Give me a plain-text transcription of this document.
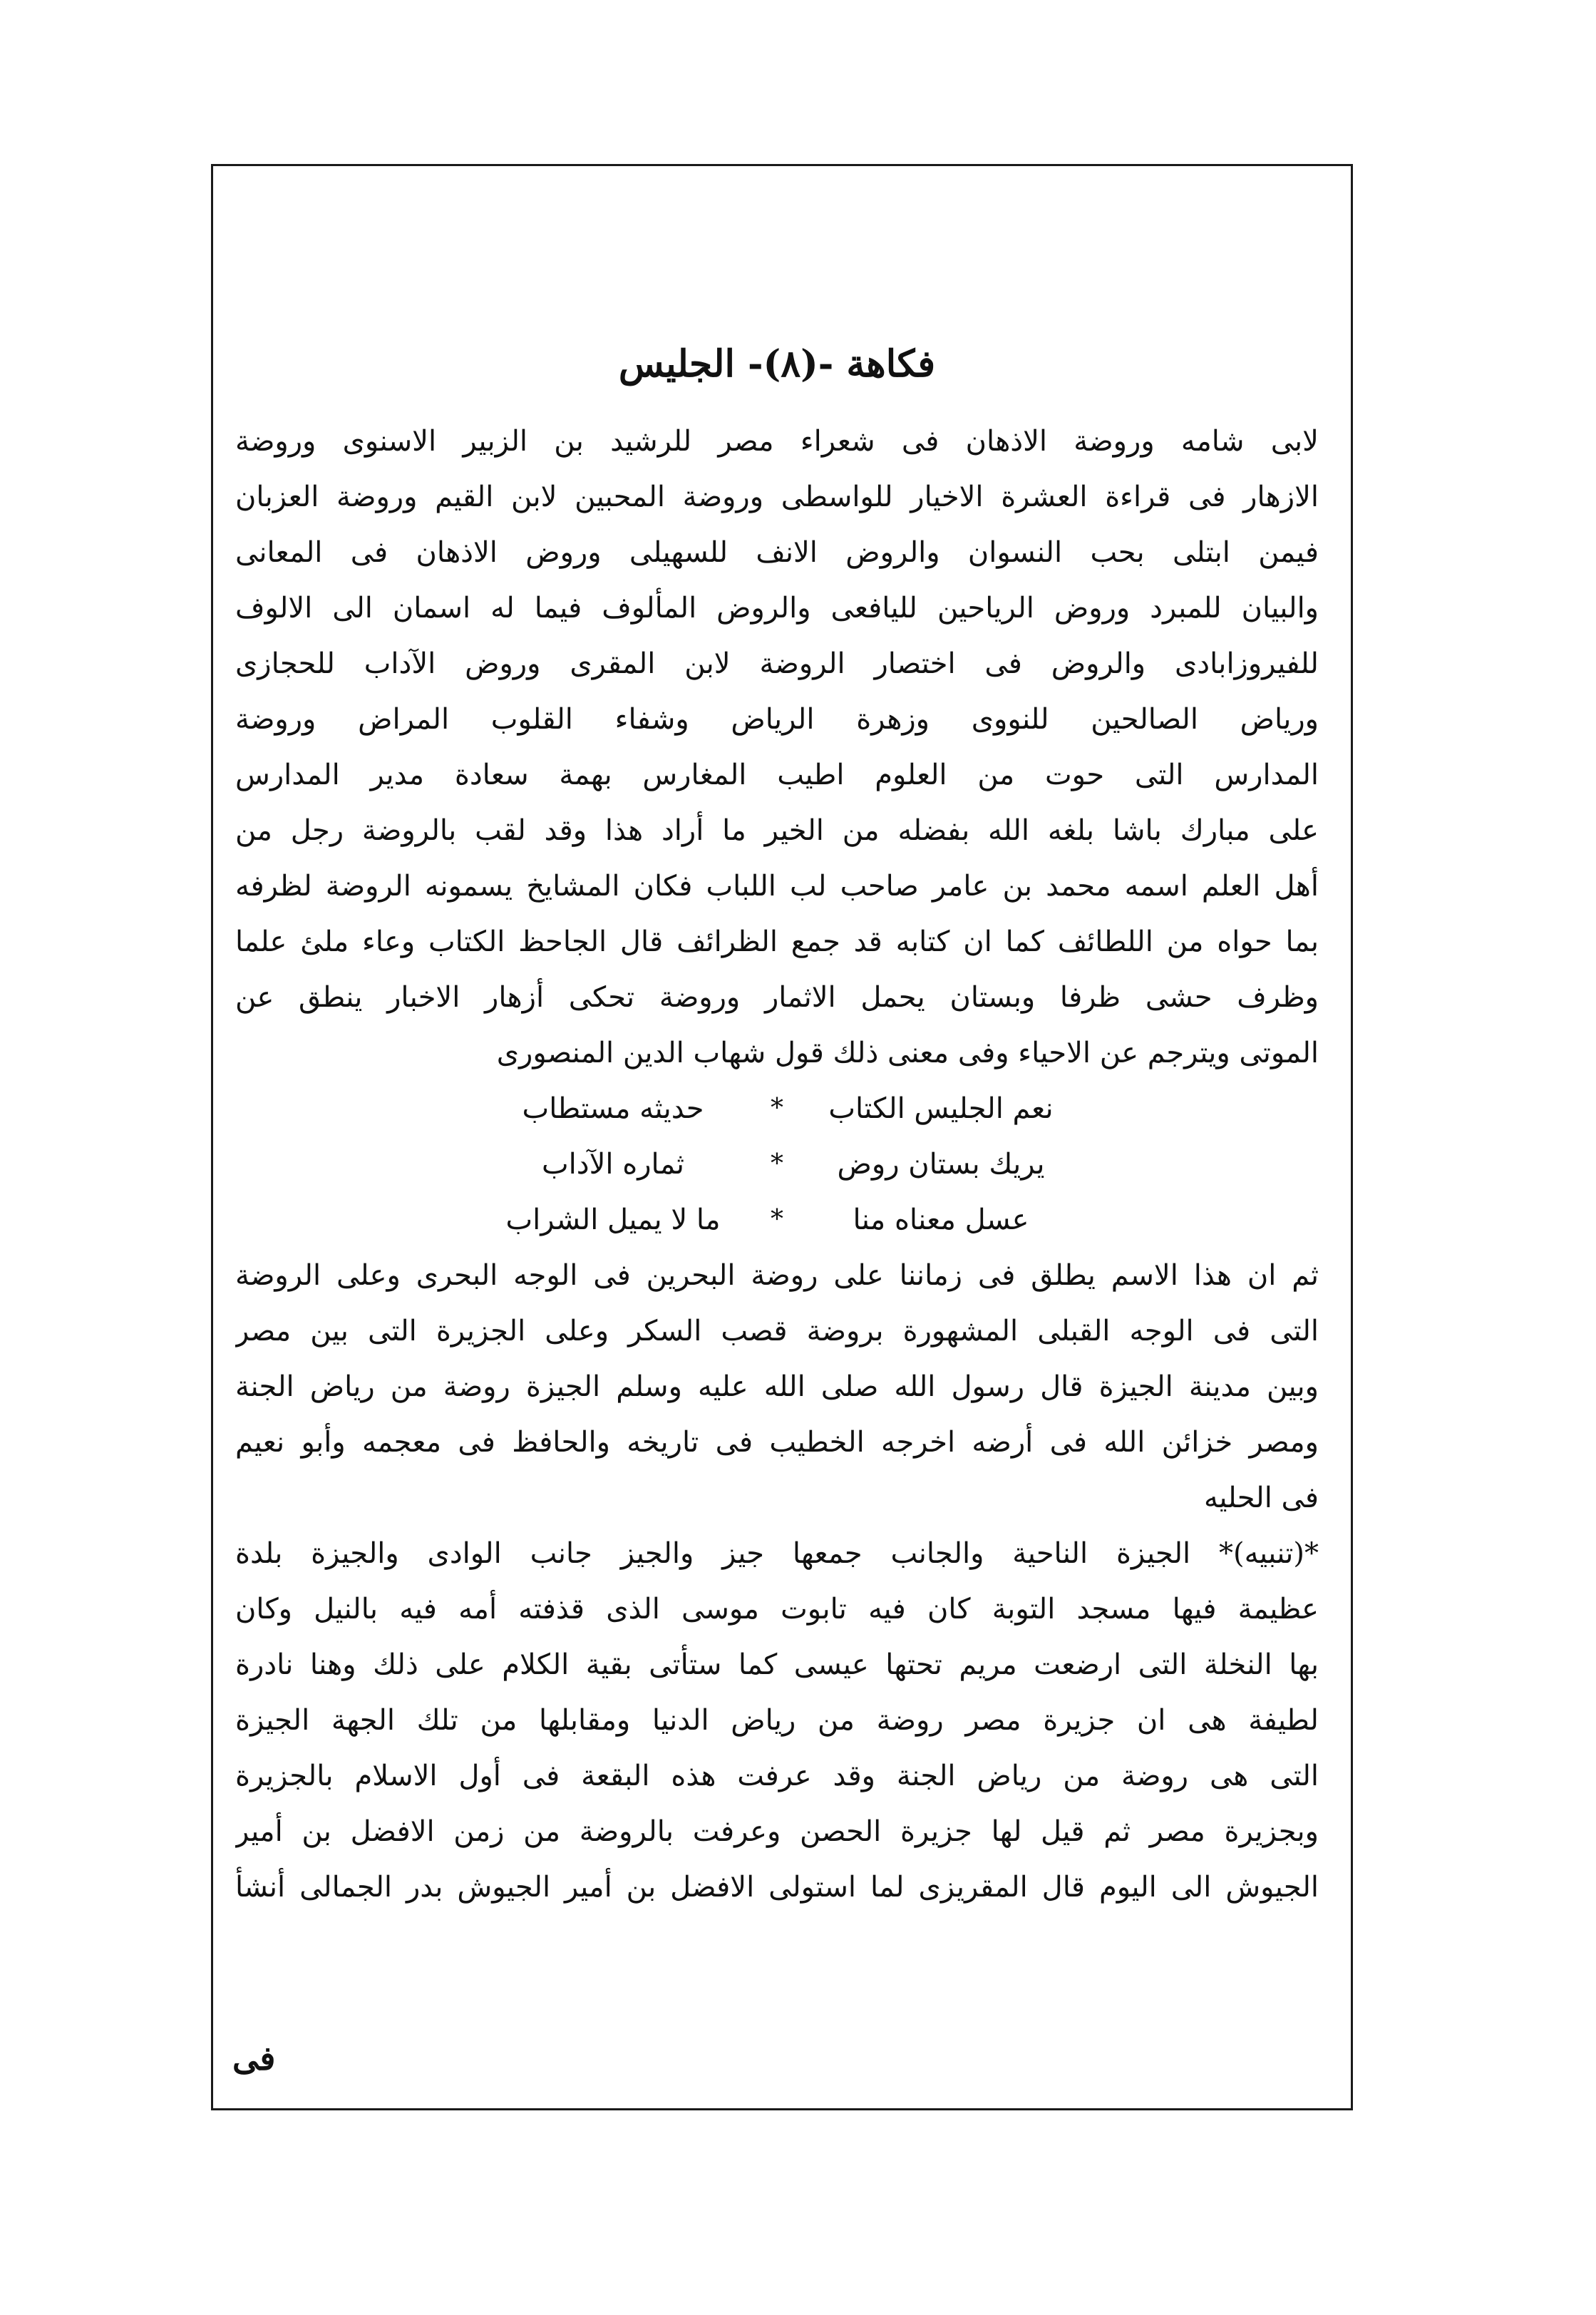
فكاهة -(٨)- الجليس
لابى شامه وروضة الاذهان فى شعراء مصر للرشيد بن الزبير الاسنوى وروضة
الازهار فى قراءة العشرة الاخيار للواسطى وروضة المحبين لابن القيم وروضة العزبان
فيمن ابتلى بحب النسوان والروض الانف للسهيلى وروض الاذهان فى المعانى
والبيان للمبرد وروض الرياحين لليافعى والروض المألوف فيما له اسمان الى الالوف
للفيروزابادى والروض فى اختصار الروضة لابن المقرى وروض الآداب للحجازى
ورياض الصالحين للنووى وزهرة الرياض وشفاء القلوب المراض وروضة
المدارس التى حوت من العلوم اطيب المغارس بهمة سعادة مدير المدارس
على مبارك باشا بلغه الله بفضله من الخير ما أراد هذا وقد لقب بالروضة رجل من
أهل العلم اسمه محمد بن عامر صاحب لب اللباب فكان المشايخ يسمونه الروضة لظرفه
بما حواه من اللطائف كما ان كتابه قد جمع الظرائف قال الجاحظ الكتاب وعاء ملئ علما
وظرف حشى ظرفا وبستان يحمل الاثمار وروضة تحكى أزهار الاخبار ينطق عن
الموتى ويترجم عن الاحياء وفى معنى ذلك قول شهاب الدين المنصورى
نعم الجليس الكتاب
*
حديثه مستطاب
يريك بستان روض
*
ثماره الآداب
عسل معناه منا
*
ما لا يميل الشراب
ثم ان هذا الاسم يطلق فى زماننا على روضة البحرين فى الوجه البحرى وعلى الروضة
التى فى الوجه القبلى المشهورة بروضة قصب السكر وعلى الجزيرة التى بين مصر
وبين مدينة الجيزة قال رسول الله صلى الله عليه وسلم الجيزة روضة من رياض الجنة
ومصر خزائن الله فى أرضه اخرجه الخطيب فى تاريخه والحافظ فى معجمه وأبو نعيم
فى الحليه
*(تنبيه)* الجيزة الناحية والجانب جمعها جيز والجيز جانب الوادى والجيزة بلدة
عظيمة فيها مسجد التوبة كان فيه تابوت موسى الذى قذفته أمه فيه بالنيل وكان
بها النخلة التى ارضعت مريم تحتها عيسى كما ستأتى بقية الكلام على ذلك وهنا نادرة
لطيفة هى ان جزيرة مصر روضة من رياض الدنيا ومقابلها من تلك الجهة الجيزة
التى هى روضة من رياض الجنة وقد عرفت هذه البقعة فى أول الاسلام بالجزيرة
وبجزيرة مصر ثم قيل لها جزيرة الحصن وعرفت بالروضة من زمن الافضل بن أمير
الجيوش الى اليوم قال المقريزى لما استولى الافضل بن أمير الجيوش بدر الجمالى أنشأ
فى
